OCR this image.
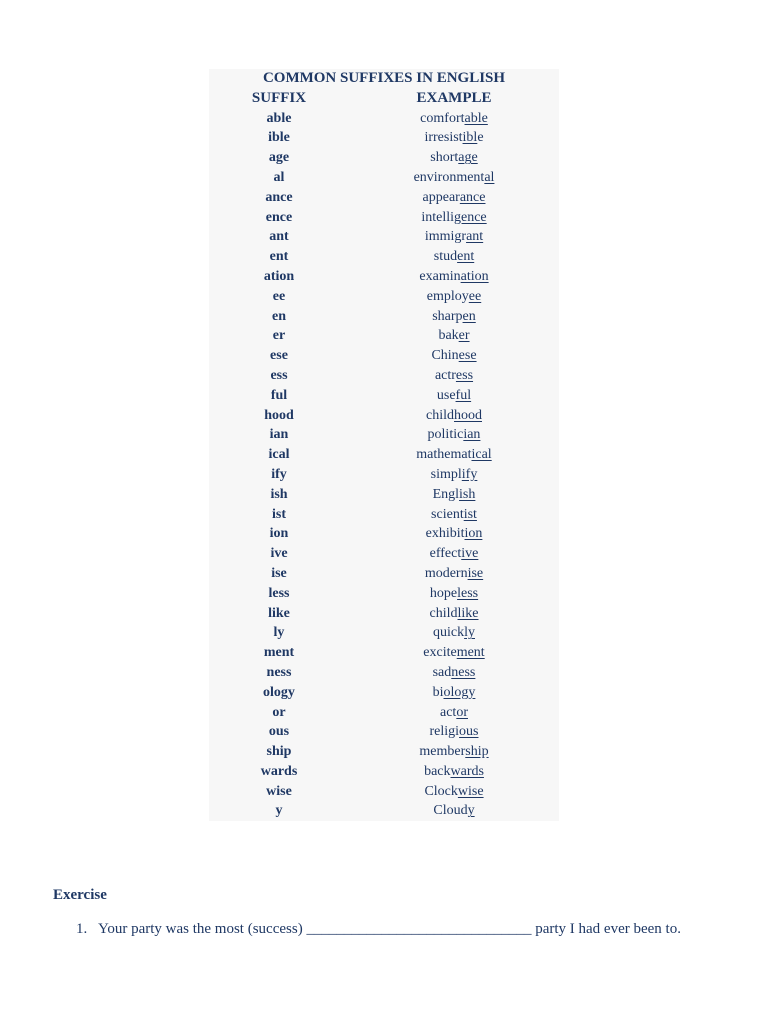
COMMON SUFFIXES IN ENGLISH	
SUFFIX	EXAMPLE
able	comfortable
ible	irresistible
age	shortage
al	environmental
ance	appearance
ence	intelligence
ant	immigrant
ent	student
ation	examination
ee	employee
en	sharpen
er	baker
ese	Chinese
ess	actress
ful	useful
hood	childhood
ian	politician
ical	mathematical
ify	simplify
ish	English
ist	scientist
ion	exhibition
ive	effective
ise	modernise
less	hopeless
like	childlike
ly	quickly
ment	excitement
ness	sadness
ology	biology
or	actor
ous	religious
ship	membership
wards	backwards
wise	Clockwise
y	Cloudy
Exercise
1. Your party was the most (success) ______________________________ party I had ever been to.
